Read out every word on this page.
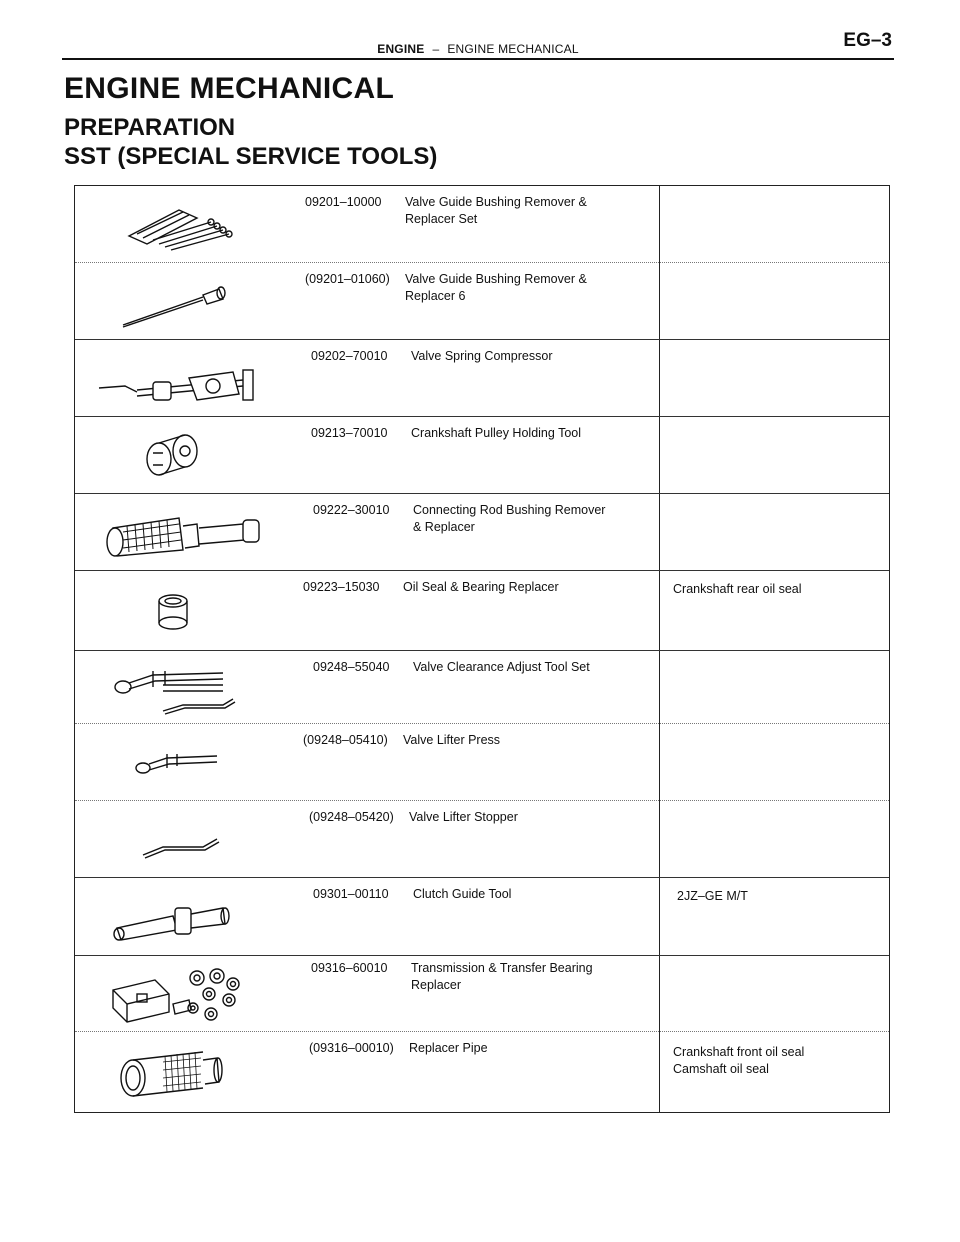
ENGINE – ENGINE MECHANICAL	EG–3
ENGINE MECHANICAL
PREPARATION
SST (SPECIAL SERVICE TOOLS)
09201–10000 Valve Guide Bushing Remover &
Replacer Set
(09201–01060) Valve Guide Bushing Remover &
Replacer 6
09202–70010 Valve Spring Compressor

09213–70010 Crankshaft Pulley Holding Tool

09222–30010 Connecting Rod Bushing Remover
& Replacer
09223–15030 Oil Seal & Bearing Replacer	Crankshaft rear oil seal

09248–55040 Valve Clearance Adjust Tool Set

(09248–05410) Valve Lifter Press

(09248–05420) Valve Lifter Stopper

09301–00110 Clutch Guide Tool	2JZ–GE M/T

09316–60010 Transmission & Transfer Bearing
Replacer
(09316–00010) Replacer Pipe	Crankshaft front oil seal
Camshaft oil seal
